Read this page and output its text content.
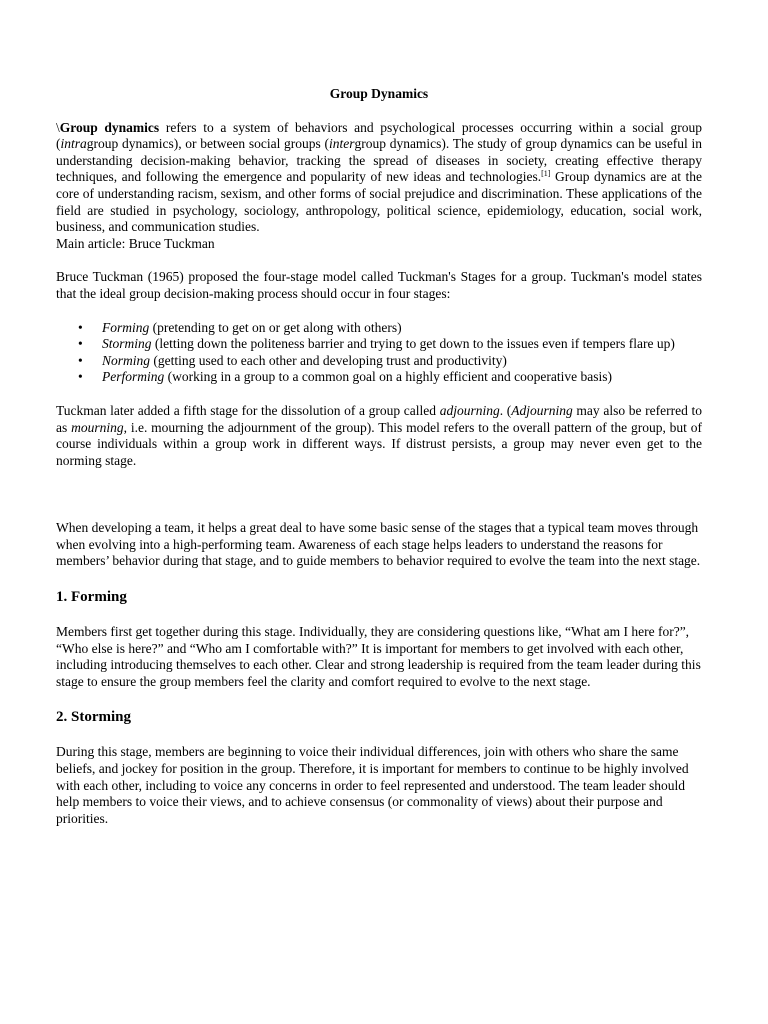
Group Dynamics

\Group dynamics refers to a system of behaviors and psychological processes occurring within a social group (intragroup dynamics), or between social groups (intergroup dynamics). The study of group dynamics can be useful in understanding decision-making behavior, tracking the spread of diseases in society, creating effective therapy techniques, and following the emergence and popularity of new ideas and technologies.[1] Group dynamics are at the core of understanding racism, sexism, and other forms of social prejudice and discrimination. These applications of the field are studied in psychology, sociology, anthropology, political science, epidemiology, education, social work, business, and communication studies.

Main article: Bruce Tuckman

Bruce Tuckman (1965) proposed the four-stage model called Tuckman's Stages for a group. Tuckman's model states that the ideal group decision-making process should occur in four stages:

• Forming (pretending to get on or get along with others)
• Storming (letting down the politeness barrier and trying to get down to the issues even if tempers flare up)
• Norming (getting used to each other and developing trust and productivity)
• Performing (working in a group to a common goal on a highly efficient and cooperative basis)

Tuckman later added a fifth stage for the dissolution of a group called adjourning. (Adjourning may also be referred to as mourning, i.e. mourning the adjournment of the group). This model refers to the overall pattern of the group, but of course individuals within a group work in different ways. If distrust persists, a group may never even get to the norming stage.

When developing a team, it helps a great deal to have some basic sense of the stages that a typical team moves through when evolving into a high-performing team. Awareness of each stage helps leaders to understand the reasons for members’ behavior during that stage, and to guide members to behavior required to evolve the team into the next stage.

1. Forming

Members first get together during this stage. Individually, they are considering questions like, “What am I here for?”, “Who else is here?” and “Who am I comfortable with?” It is important for members to get involved with each other, including introducing themselves to each other. Clear and strong leadership is required from the team leader during this stage to ensure the group members feel the clarity and comfort required to evolve to the next stage.

2. Storming

During this stage, members are beginning to voice their individual differences, join with others who share the same beliefs, and jockey for position in the group. Therefore, it is important for members to continue to be highly involved with each other, including to voice any concerns in order to feel represented and understood. The team leader should help members to voice their views, and to achieve consensus (or commonality of views) about their purpose and priorities.
